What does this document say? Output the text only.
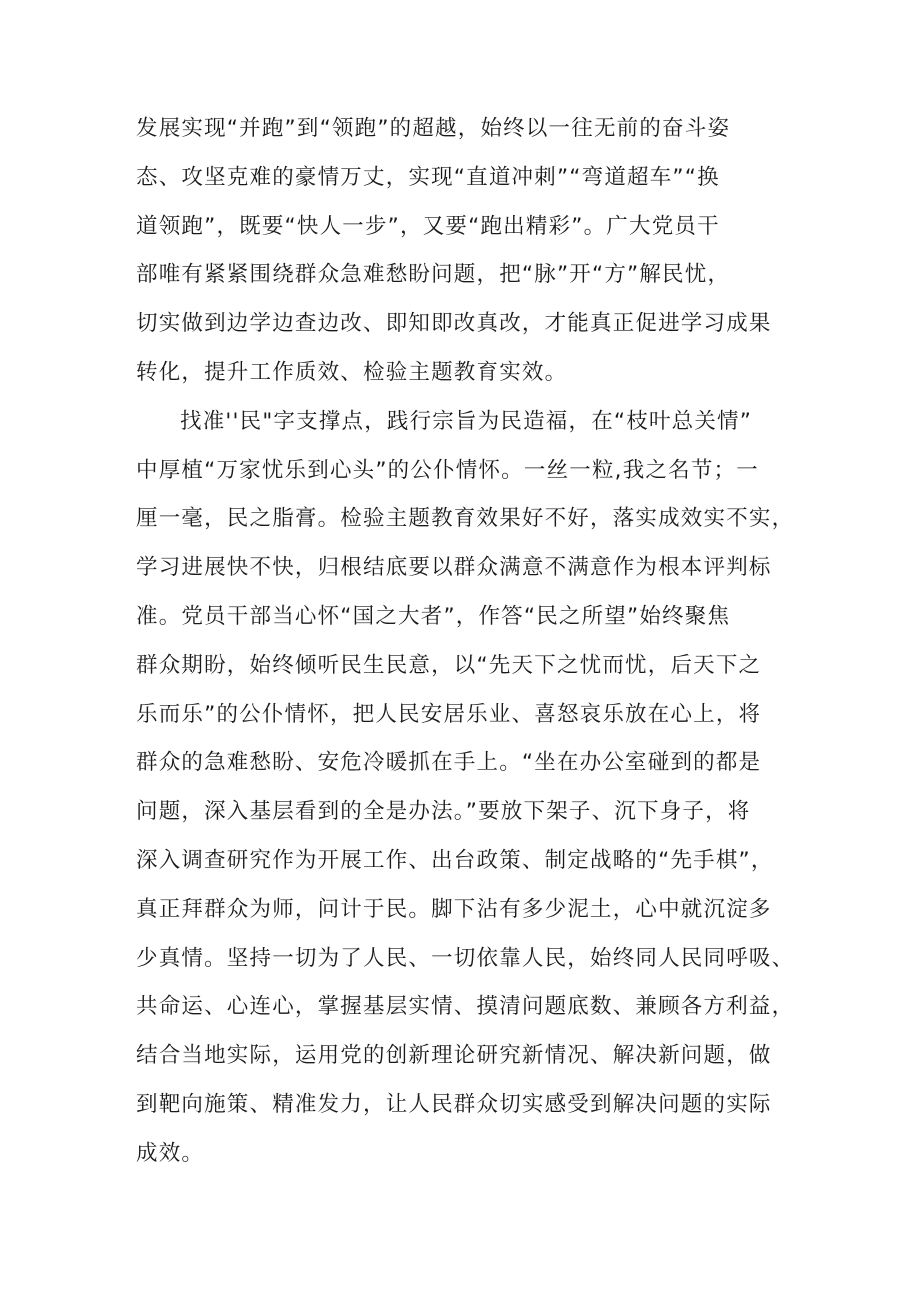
发展实现“并跑”到“领跑”的超越，始终以一往无前的奋斗姿
态、攻坚克难的豪情万丈，实现“直道冲刺”“弯道超车”“换
道领跑”，既要“快人一步”，又要“跑出精彩”。广大党员干
部唯有紧紧围绕群众急难愁盼问题，把“脉”开“方”解民忧，
切实做到边学边查边改、即知即改真改，才能真正促进学习成果
转化，提升工作质效、检验主题教育实效。
找准''民"字支撑点，践行宗旨为民造福，在“枝叶总关情”
中厚植“万家忧乐到心头”的公仆情怀。一丝一粒,我之名节；一
厘一毫，民之脂膏。检验主题教育效果好不好，落实成效实不实，
学习进展快不快，归根结底要以群众满意不满意作为根本评判标
准。党员干部当心怀“国之大者”，作答“民之所望”始终聚焦
群众期盼，始终倾听民生民意，以“先天下之忧而忧，后天下之
乐而乐”的公仆情怀，把人民安居乐业、喜怒哀乐放在心上，将
群众的急难愁盼、安危冷暖抓在手上。“坐在办公室碰到的都是
问题，深入基层看到的全是办法。”要放下架子、沉下身子，将
深入调查研究作为开展工作、出台政策、制定战略的“先手棋”，
真正拜群众为师，问计于民。脚下沾有多少泥土，心中就沉淀多
少真情。坚持一切为了人民、一切依靠人民，始终同人民同呼吸、
共命运、心连心，掌握基层实情、摸清问题底数、兼顾各方利益，
结合当地实际，运用党的创新理论研究新情况、解决新问题，做
到靶向施策、精准发力，让人民群众切实感受到解决问题的实际
成效。
